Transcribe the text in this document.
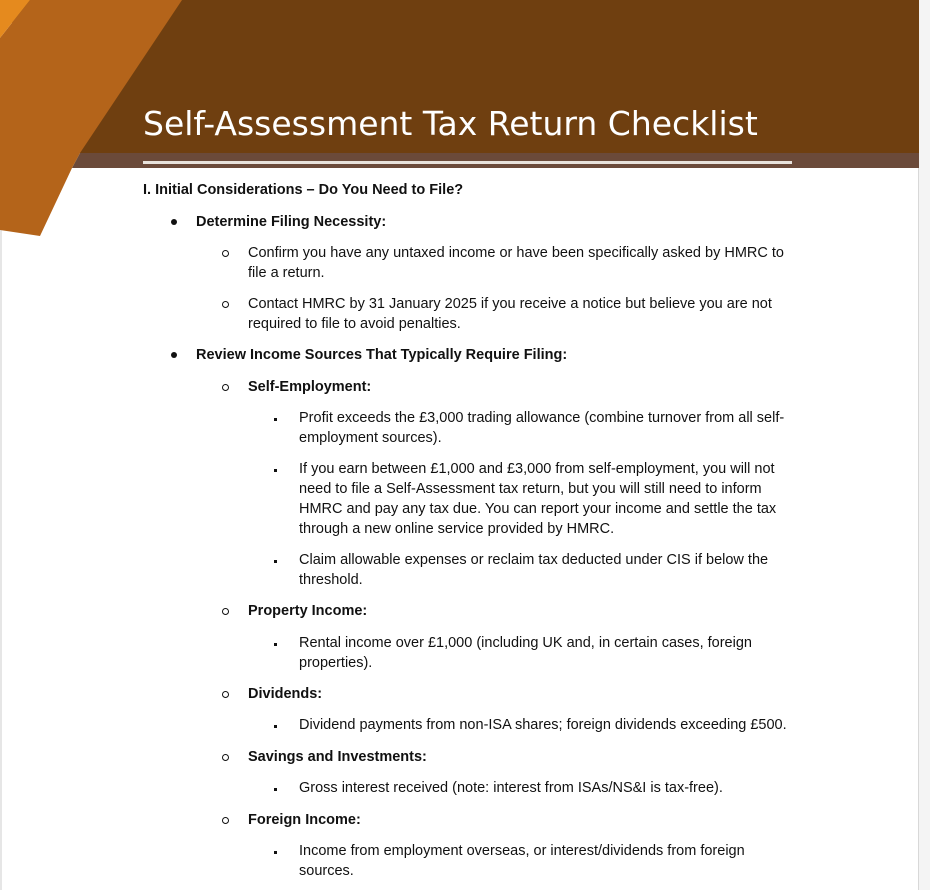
Self-Assessment Tax Return Checklist

I. Initial Considerations – Do You Need to File?

Determine Filing Necessity:

Confirm you have any untaxed income or have been specifically asked by HMRC to

file a return.

Contact HMRC by 31 January 2025 if you receive a notice but believe you are not

required to file to avoid penalties.

Review Income Sources That Typically Require Filing:

Self-Employment:

Profit exceeds the £3,000 trading allowance (combine turnover from all self-

employment sources).

If you earn between £1,000 and £3,000 from self-employment, you will not

need to file a Self-Assessment tax return, but you will still need to inform

HMRC and pay any tax due. You can report your income and settle the tax

through a new online service provided by HMRC.

Claim allowable expenses or reclaim tax deducted under CIS if below the

threshold.

Property Income:

Rental income over £1,000 (including UK and, in certain cases, foreign

properties).

Dividends:

Dividend payments from non-ISA shares; foreign dividends exceeding £500.

Savings and Investments:

Gross interest received (note: interest from ISAs/NS&I is tax-free).

Foreign Income:

Income from employment overseas, or interest/dividends from foreign

sources.
